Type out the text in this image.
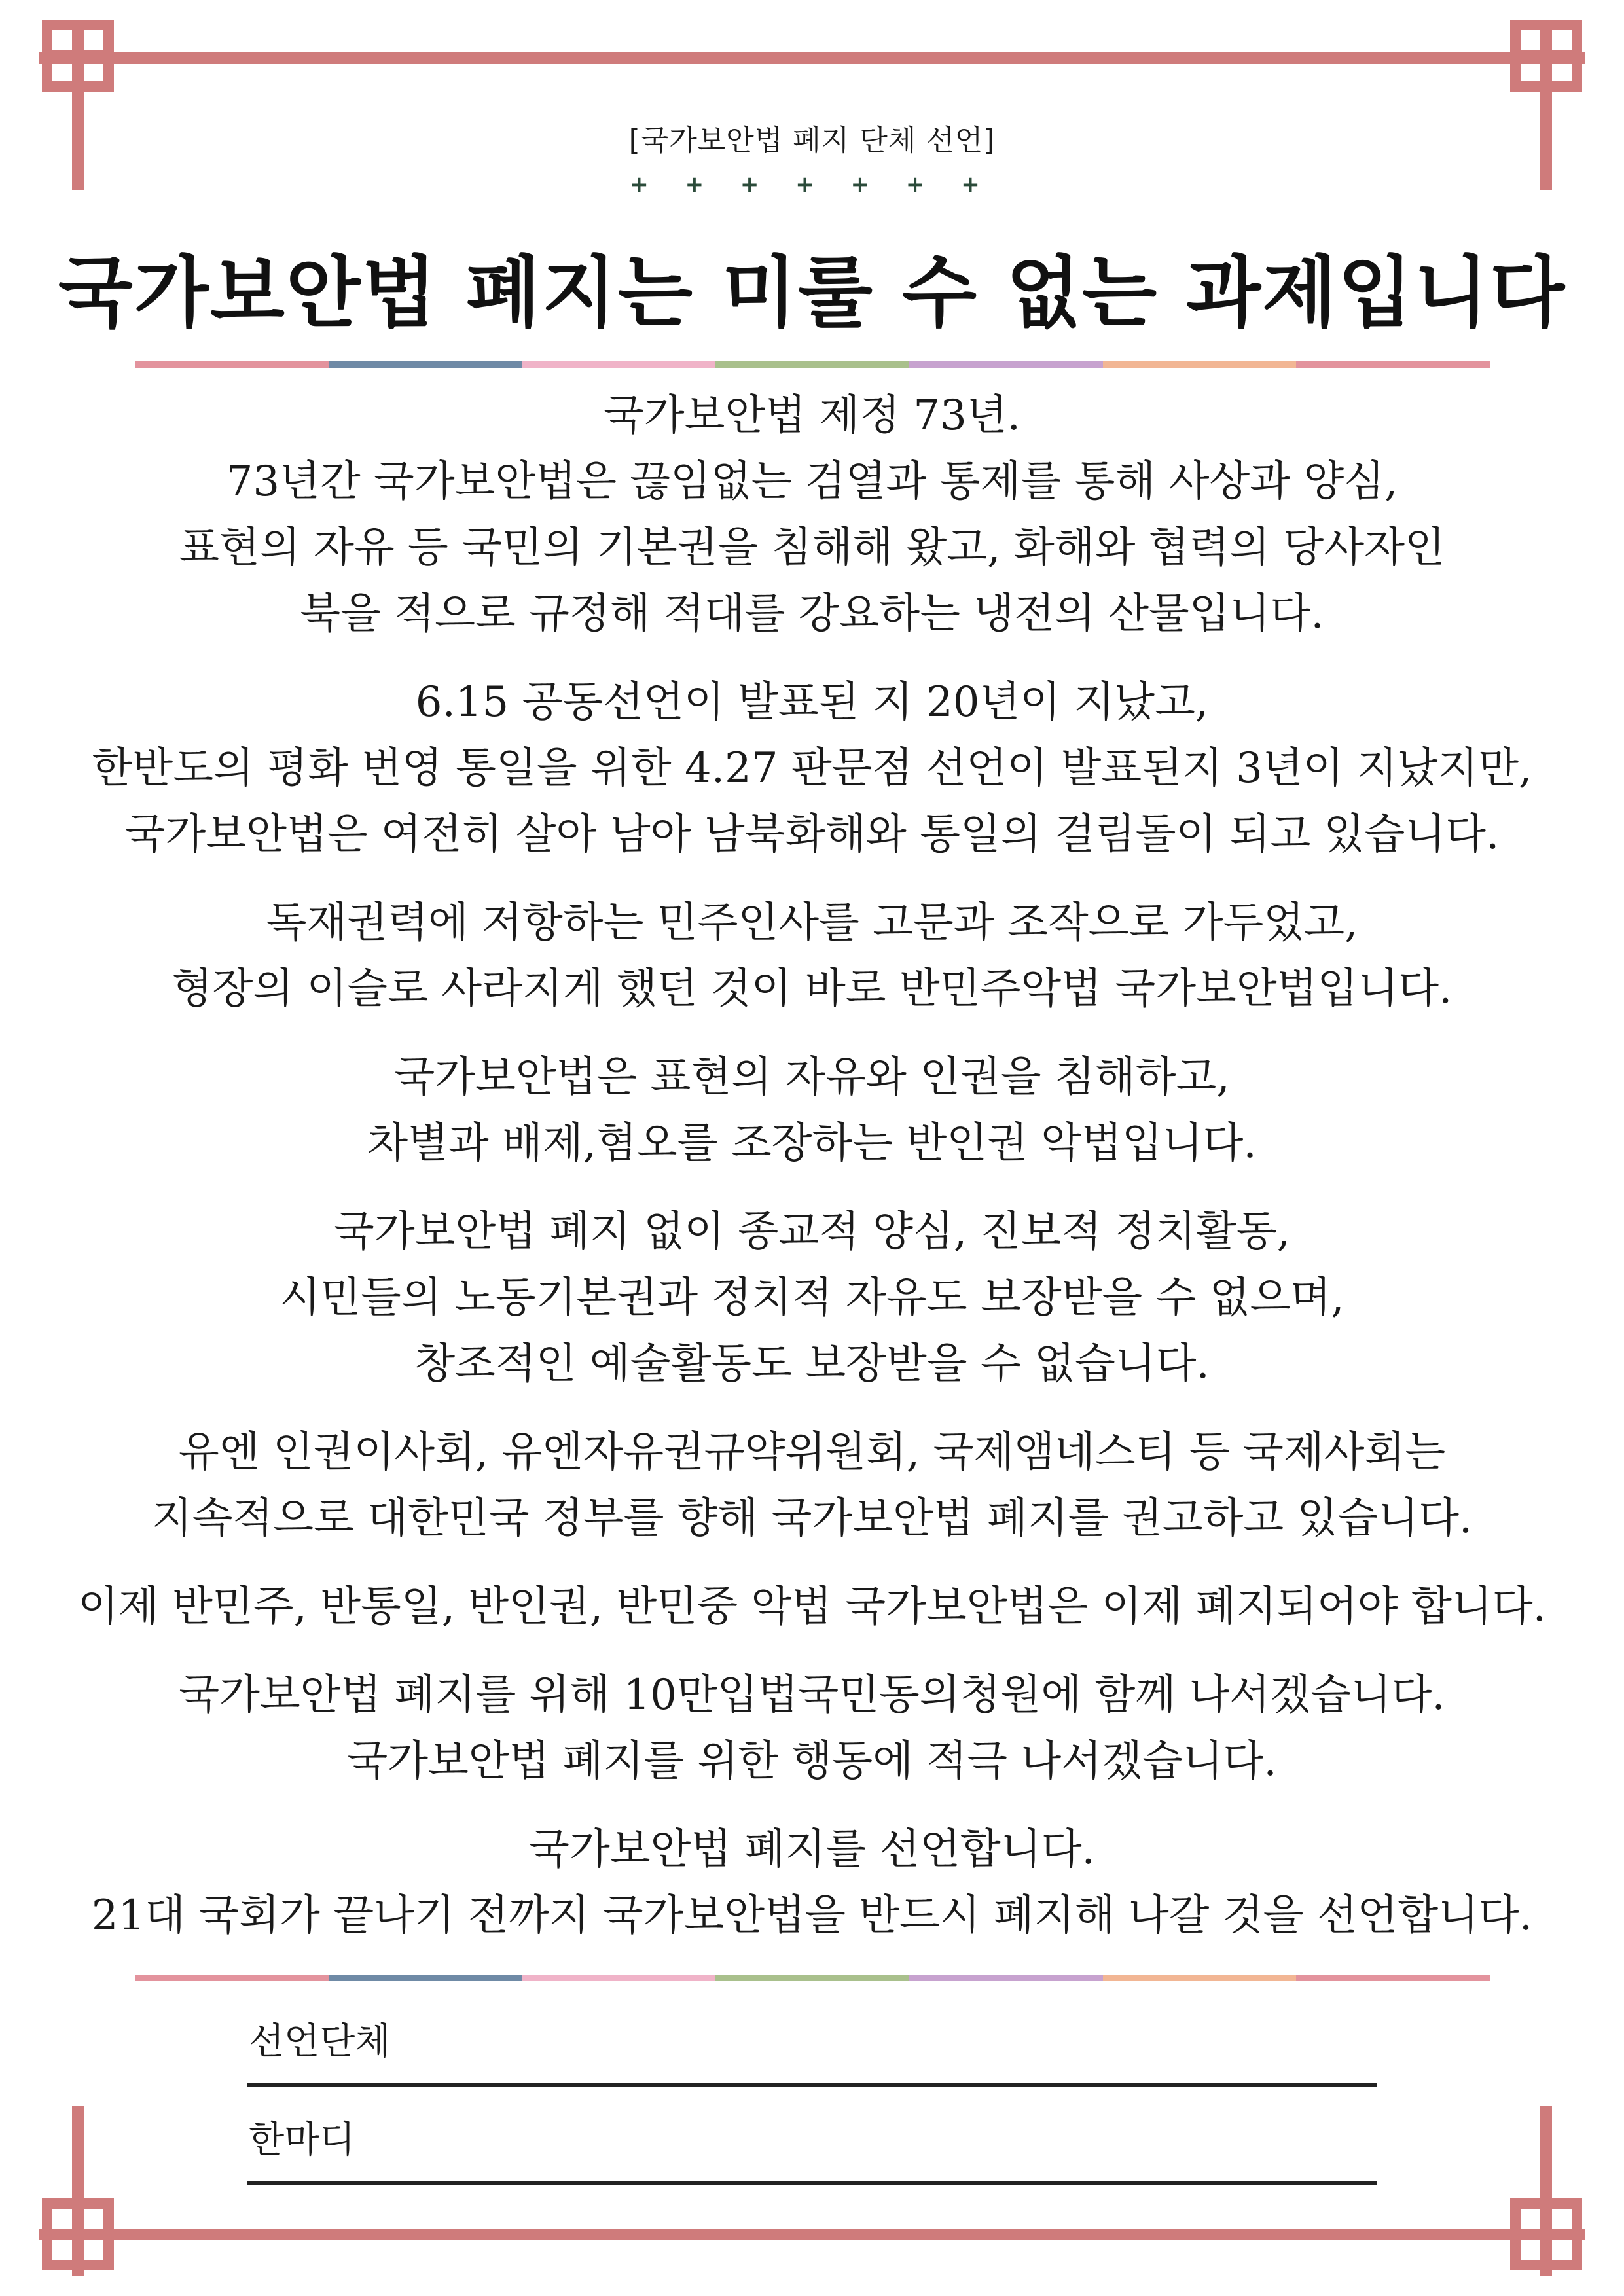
[국가보안법 폐지 단체 선언]
+ + + + + + +
국가보안법 폐지는 미룰 수 없는 과제입니다
국가보안법 제정 73년.
73년간 국가보안법은 끊임없는 검열과 통제를 통해 사상과 양심,
표현의 자유 등 국민의 기본권을 침해해 왔고, 화해와 협력의 당사자인
북을 적으로 규정해 적대를 강요하는 냉전의 산물입니다.
6.15 공동선언이 발표된 지 20년이 지났고,
한반도의 평화 번영 통일을 위한 4.27 판문점 선언이 발표된지 3년이 지났지만,
국가보안법은 여전히 살아 남아 남북화해와 통일의 걸림돌이 되고 있습니다.
독재권력에 저항하는 민주인사를 고문과 조작으로 가두었고,
형장의 이슬로 사라지게 했던 것이 바로 반민주악법 국가보안법입니다.
국가보안법은 표현의 자유와 인권을 침해하고,
차별과 배제,혐오를 조장하는 반인권 악법입니다.
국가보안법 폐지 없이 종교적 양심, 진보적 정치활동,
시민들의 노동기본권과 정치적 자유도 보장받을 수 없으며,
창조적인 예술활동도 보장받을 수 없습니다.
유엔 인권이사회, 유엔자유권규약위원회, 국제앰네스티 등 국제사회는
지속적으로 대한민국 정부를 향해 국가보안법 폐지를 권고하고 있습니다.
이제 반민주, 반통일, 반인권, 반민중 악법 국가보안법은 이제 폐지되어야 합니다.
국가보안법 폐지를 위해 10만입법국민동의청원에 함께 나서겠습니다.
국가보안법 폐지를 위한 행동에 적극 나서겠습니다.
국가보안법 폐지를 선언합니다.
21대 국회가 끝나기 전까지 국가보안법을 반드시 폐지해 나갈 것을 선언합니다.
선언단체
한마디
